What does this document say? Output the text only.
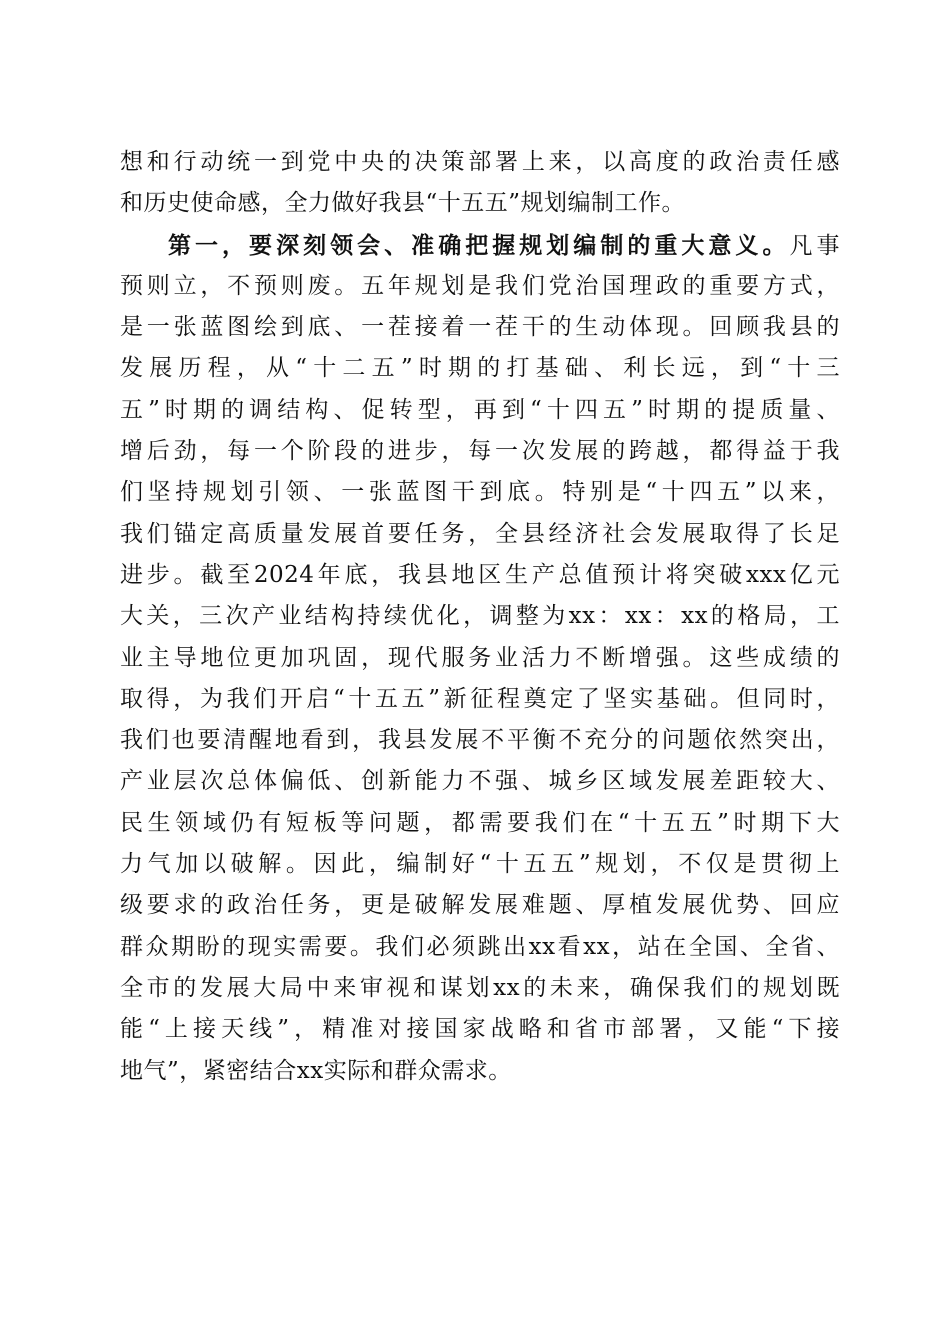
想和行动统一到党中央的决策部署上来，以高度的政治责任感
和历史使命感，全力做好我县“十五五”规划编制工作。
第一，要深刻领会、准确把握规划编制的重大意义。凡事
预则立，不预则废。五年规划是我们党治国理政的重要方式，
是一张蓝图绘到底、一茬接着一茬干的生动体现。回顾我县的
发展历程，从“十二五”时期的打基础、利长远，到“十三
五”时期的调结构、促转型，再到“十四五”时期的提质量、
增后劲，每一个阶段的进步，每一次发展的跨越，都得益于我
们坚持规划引领、一张蓝图干到底。特别是“十四五”以来，
我们锚定高质量发展首要任务，全县经济社会发展取得了长足
进步。截至2024年底，我县地区生产总值预计将突破xxx亿元
大关，三次产业结构持续优化，调整为xx：xx：xx的格局，工
业主导地位更加巩固，现代服务业活力不断增强。这些成绩的
取得，为我们开启“十五五”新征程奠定了坚实基础。但同时，
我们也要清醒地看到，我县发展不平衡不充分的问题依然突出，
产业层次总体偏低、创新能力不强、城乡区域发展差距较大、
民生领域仍有短板等问题，都需要我们在“十五五”时期下大
力气加以破解。因此，编制好“十五五”规划，不仅是贯彻上
级要求的政治任务，更是破解发展难题、厚植发展优势、回应
群众期盼的现实需要。我们必须跳出xx看xx，站在全国、全省、
全市的发展大局中来审视和谋划xx的未来，确保我们的规划既
能“上接天线”，精准对接国家战略和省市部署，又能“下接
地气”，紧密结合xx实际和群众需求。
